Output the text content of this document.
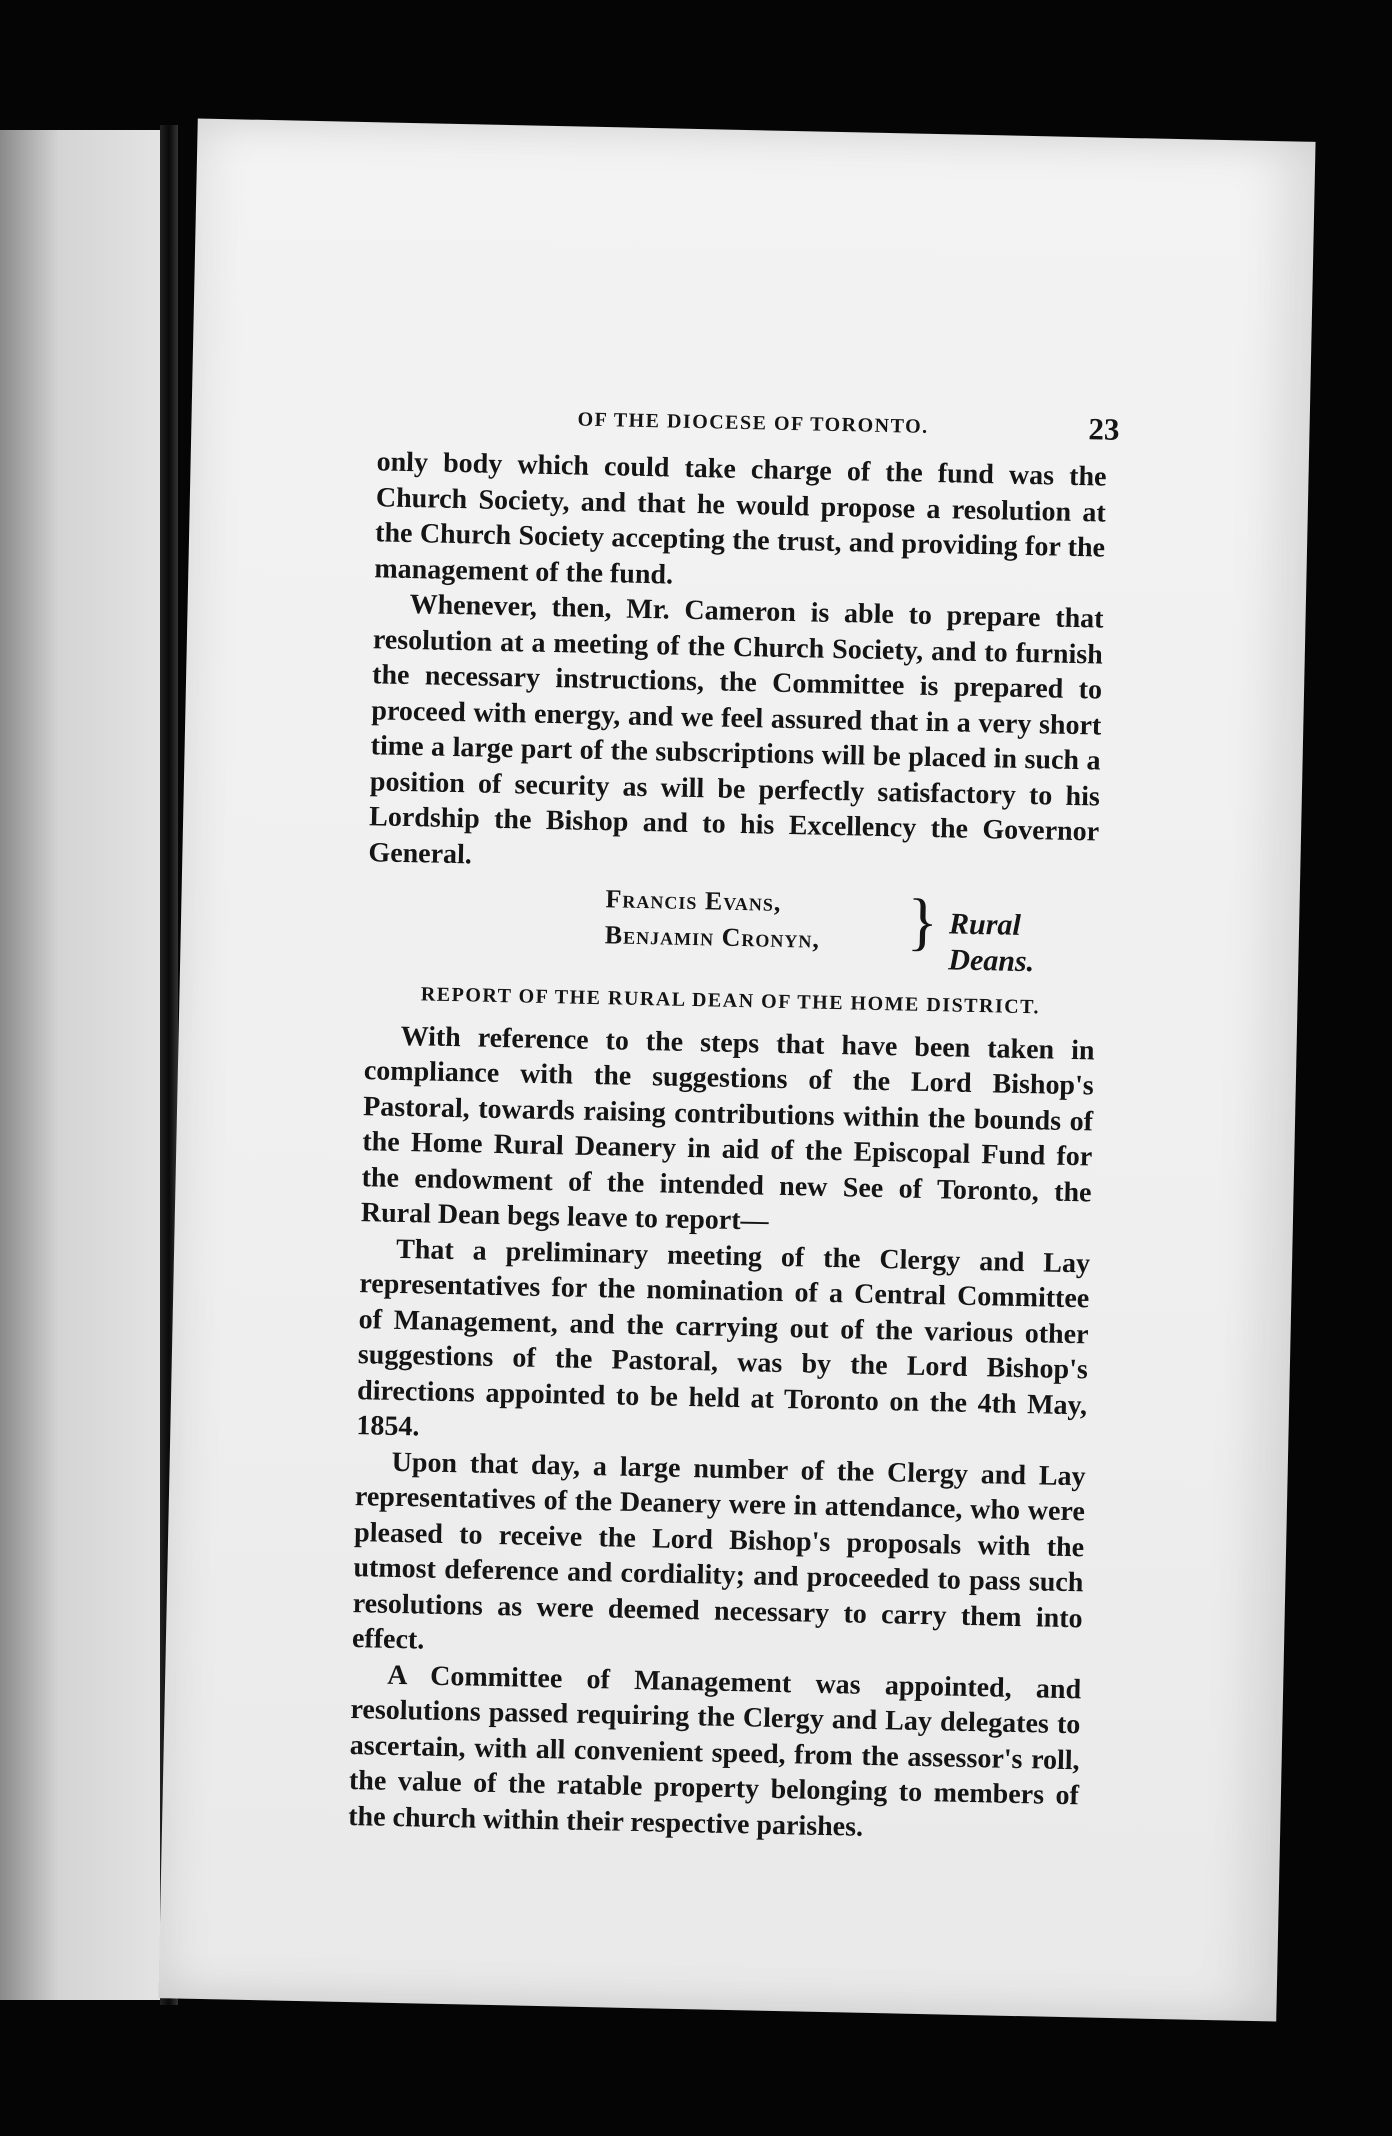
OF THE DIOCESE OF TORONTO.	23

only body which could take charge of the fund was the Church Society, and that he would propose a resolution at the Church Society accepting the trust, and providing for the management of the fund.

Whenever, then, Mr. Cameron is able to prepare that resolution at a meeting of the Church Society, and to furnish the necessary instructions, the Committee is prepared to proceed with energy, and we feel assured that in a very short time a large part of the subscriptions will be placed in such a position of security as will be perfectly satisfactory to his Lordship the Bishop and to his Excellency the Governor General.

Francis Evans,
Benjamin Cronyn, } Rural Deans.
REPORT OF THE RURAL DEAN OF THE HOME DISTRICT.

With reference to the steps that have been taken in compliance with the suggestions of the Lord Bishop's Pastoral, towards raising contributions within the bounds of the Home Rural Deanery in aid of the Episcopal Fund for the endowment of the intended new See of Toronto, the Rural Dean begs leave to report—

That a preliminary meeting of the Clergy and Lay representatives for the nomination of a Central Committee of Management, and the carrying out of the various other suggestions of the Pastoral, was by the Lord Bishop's directions appointed to be held at Toronto on the 4th May, 1854.

Upon that day, a large number of the Clergy and Lay representatives of the Deanery were in attendance, who were pleased to receive the Lord Bishop's proposals with the utmost deference and cordiality; and proceeded to pass such resolutions as were deemed necessary to carry them into effect.

A Committee of Management was appointed, and resolutions passed requiring the Clergy and Lay delegates to ascertain, with all convenient speed, from the assessor's roll, the value of the ratable property belonging to members of the church within their respective parishes.
